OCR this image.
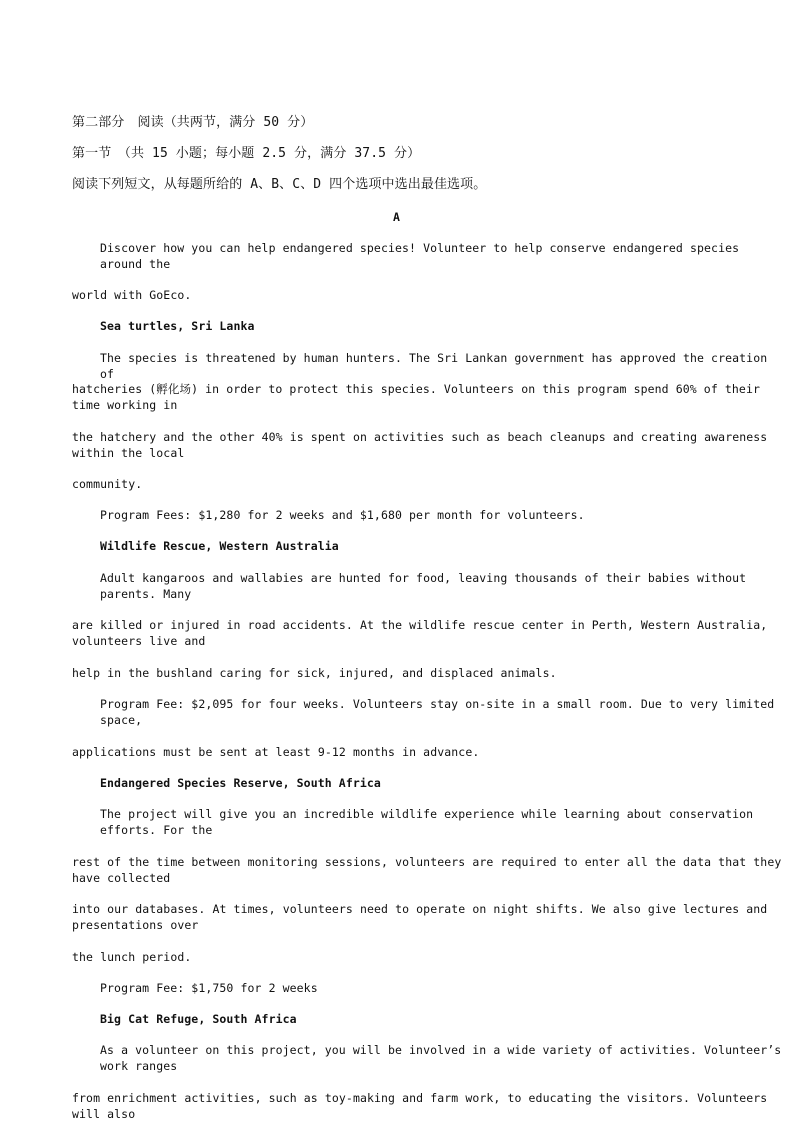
第二部分　阅读（共两节，满分 50 分）
第一节　（共 15 小题；每小题 2.5 分，满分 37.5 分）
阅读下列短文，从每题所给的 A、B、C、D 四个选项中选出最佳选项。
A
Discover how you can help endangered species! Volunteer to help conserve endangered species around the
world with GoEco.
Sea turtles, Sri Lanka
The species is threatened by human hunters. The Sri Lankan government has approved the creation of
hatcheries (孵化场) in order to protect this species. Volunteers on this program spend 60% of their time working in
the hatchery and the other 40% is spent on activities such as beach cleanups and creating awareness within the local
community.
Program Fees: $1,280 for 2 weeks and $1,680 per month for volunteers.
Wildlife Rescue, Western Australia
Adult kangaroos and wallabies are hunted for food, leaving thousands of their babies without parents. Many
are killed or injured in road accidents. At the wildlife rescue center in Perth, Western Australia, volunteers live and
help in the bushland caring for sick, injured, and displaced animals.
Program Fee: $2,095 for four weeks. Volunteers stay on-site in a small room. Due to very limited space,
applications must be sent at least 9-12 months in advance.
Endangered Species Reserve, South Africa
The project will give you an incredible wildlife experience while learning about conservation efforts. For the
rest of the time between monitoring sessions, volunteers are required to enter all the data that they have collected
into our databases. At times, volunteers need to operate on night shifts. We also give lectures and presentations over
the lunch period.
Program Fee: $1,750 for 2 weeks
Big Cat Refuge, South Africa
As a volunteer on this project, you will be involved in a wide variety of activities. Volunteer’s work ranges
from enrichment activities, such as toy-making and farm work, to educating the visitors. Volunteers will also
